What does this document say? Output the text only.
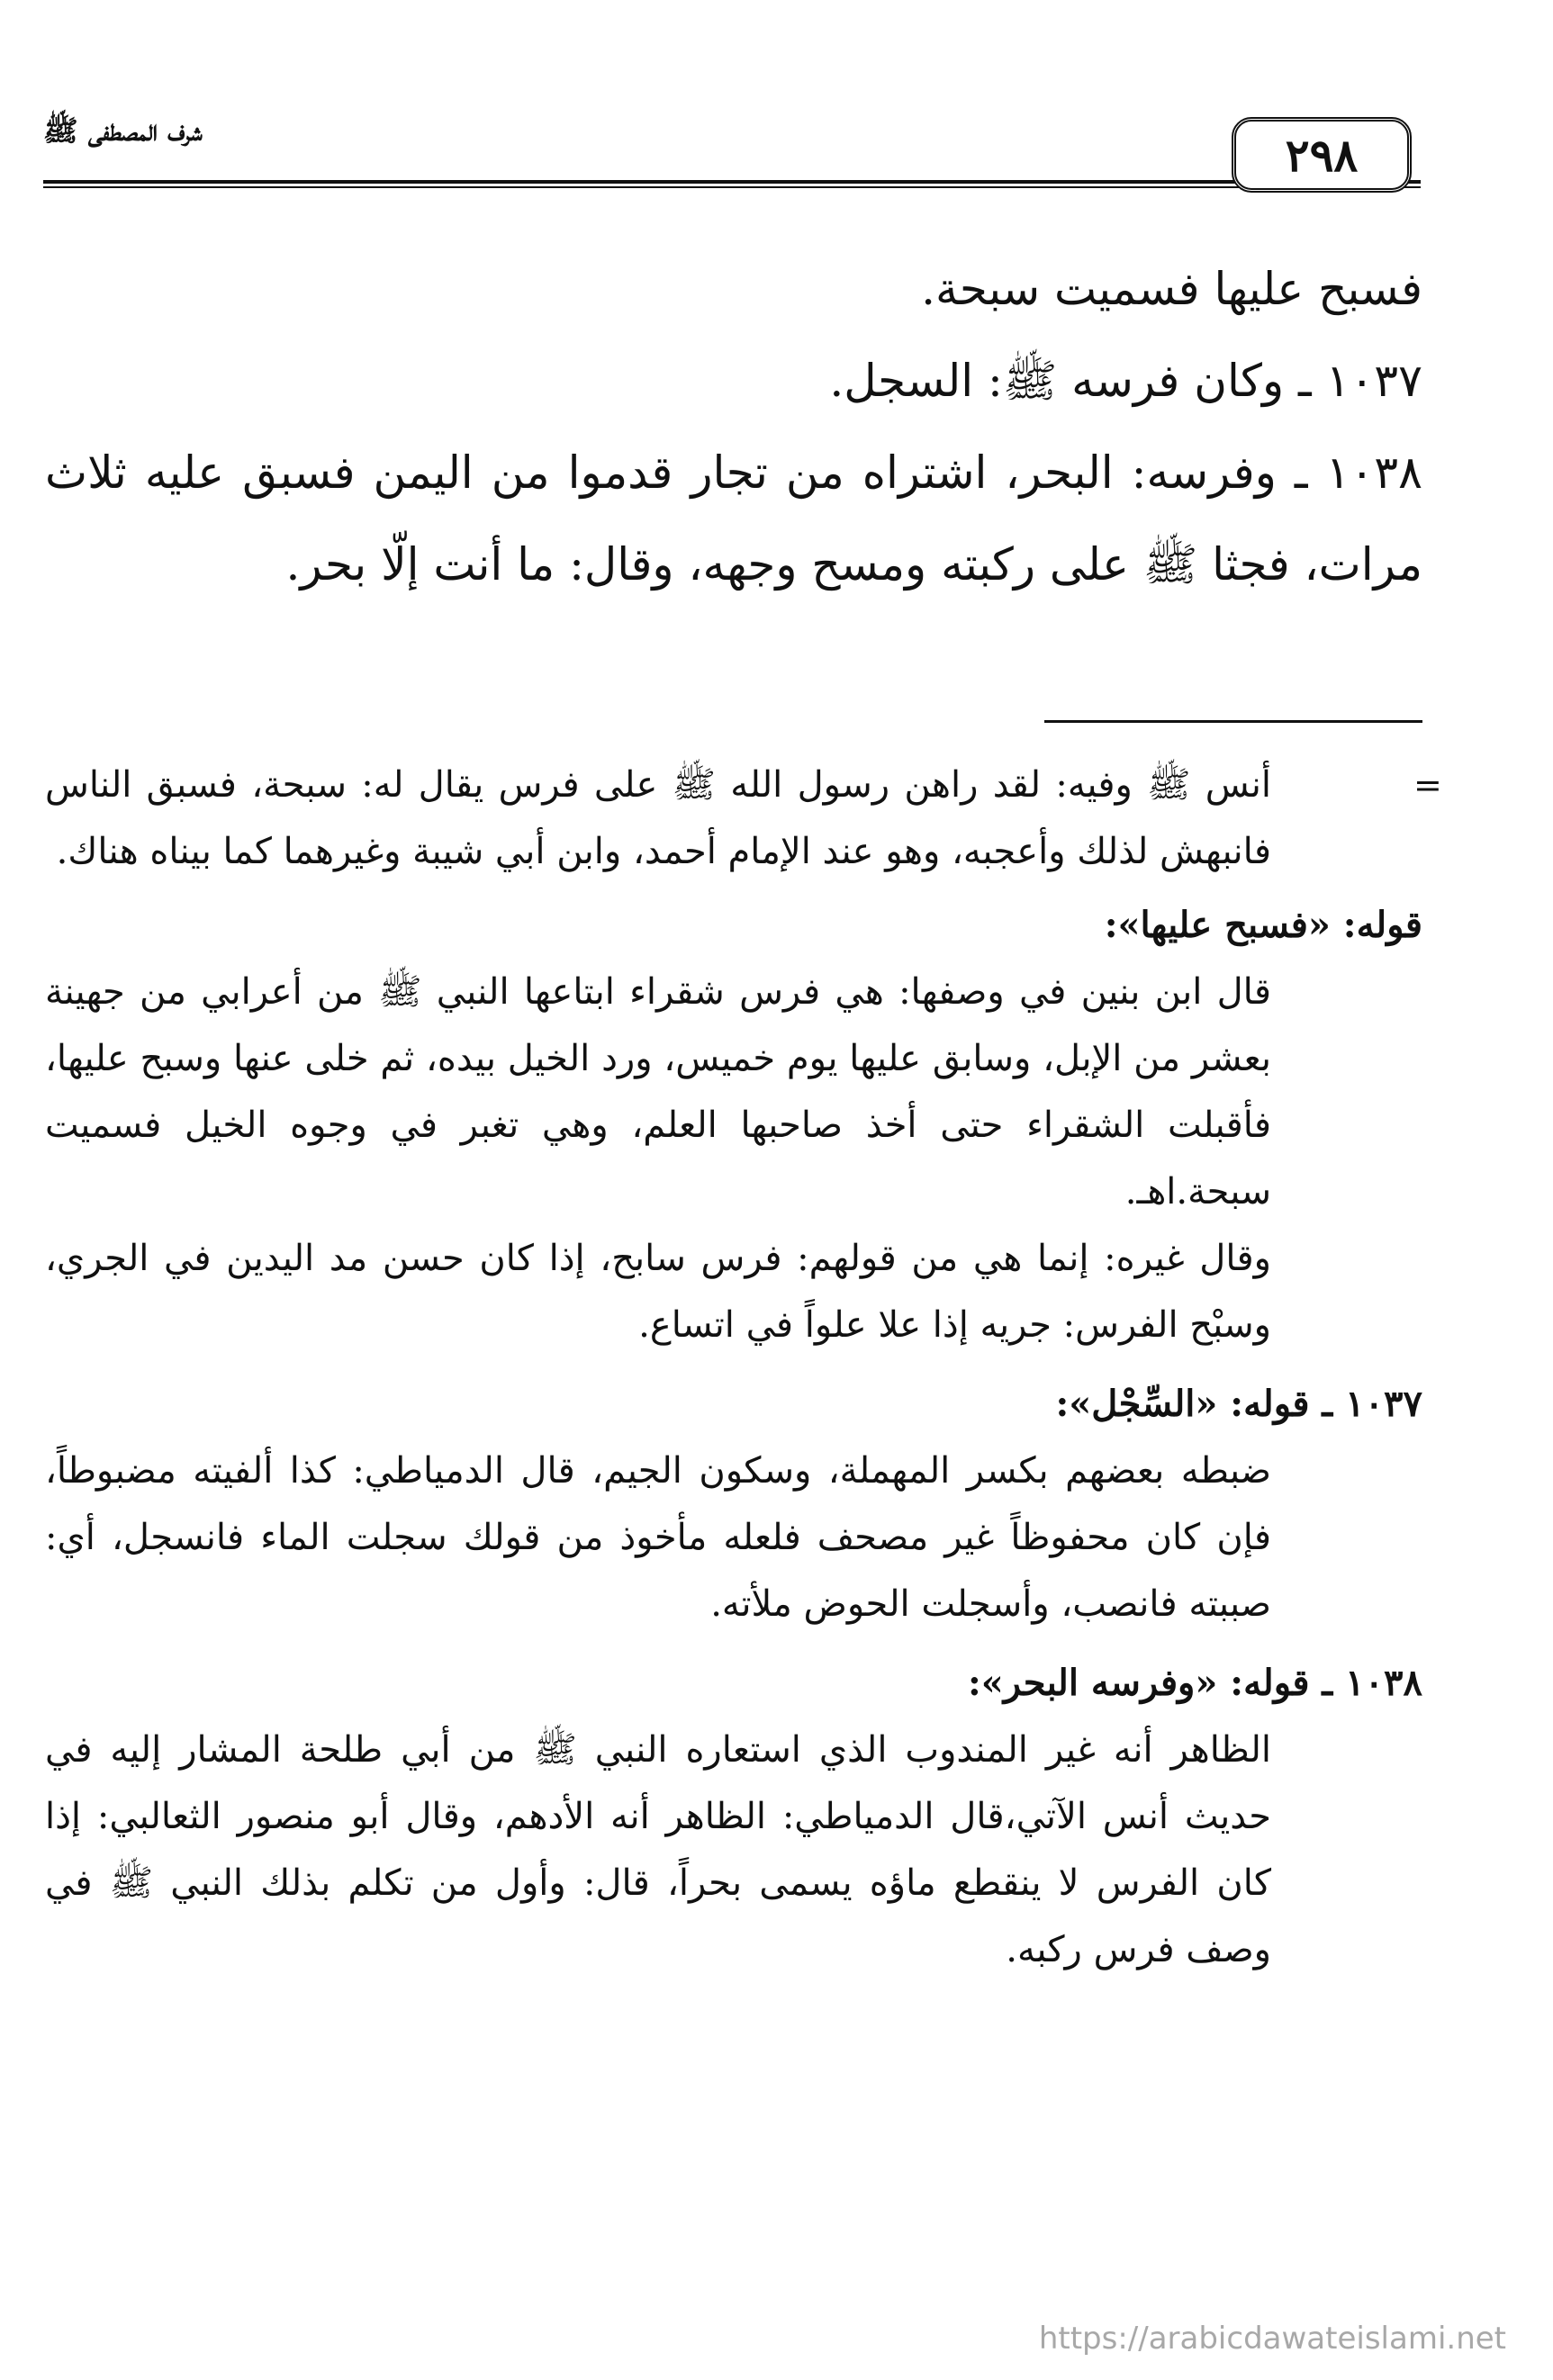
٢٩٨
شرف المصطفى ﷺ

فسبح عليها فسميت سبحة.

١٠٣٧ ـ وكان فرسه ﷺ: السجل.

١٠٣٨ ـ وفرسه: البحر، اشتراه من تجار قدموا من اليمن فسبق عليه ثلاث مرات، فجثا ﷺ على ركبته ومسح وجهه، وقال: ما أنت إلّا بحر.

=

أنس ﷺ وفيه: لقد راهن رسول الله ﷺ على فرس يقال له: سبحة، فسبق الناس فانبهش لذلك وأعجبه، وهو عند الإمام أحمد، وابن أبي شيبة وغيرهما كما بيناه هناك.

قوله: «فسبح عليها»:

قال ابن بنين في وصفها: هي فرس شقراء ابتاعها النبي ﷺ من أعرابي من جهينة بعشر من الإبل، وسابق عليها يوم خميس، ورد الخيل بيده، ثم خلى عنها وسبح عليها، فأقبلت الشقراء حتى أخذ صاحبها العلم، وهي تغبر في وجوه الخيل فسميت سبحة.اهـ.

وقال غيره: إنما هي من قولهم: فرس سابح، إذا كان حسن مد اليدين في الجري، وسبْح الفرس: جريه إذا علا علواً في اتساع.

١٠٣٧ ـ قوله: «السِّجْل»:

ضبطه بعضهم بكسر المهملة، وسكون الجيم، قال الدمياطي: كذا ألفيته مضبوطاً، فإن كان محفوظاً غير مصحف فلعله مأخوذ من قولك سجلت الماء فانسجل، أي: صببته فانصب، وأسجلت الحوض ملأته.

١٠٣٨ ـ قوله: «وفرسه البحر»:

الظاهر أنه غير المندوب الذي استعاره النبي ﷺ من أبي طلحة المشار إليه في حديث أنس الآتي،قال الدمياطي: الظاهر أنه الأدهم، وقال أبو منصور الثعالبي: إذا كان الفرس لا ينقطع ماؤه يسمى بحراً، قال: وأول من تكلم بذلك النبي ﷺ في وصف فرس ركبه.

https://arabicdawateislami.net
